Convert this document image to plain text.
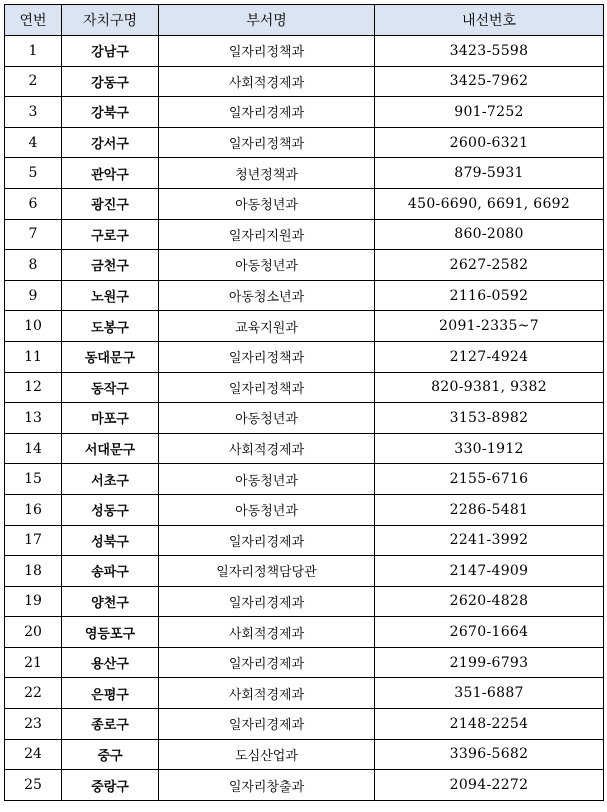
연번	자치구명	부서명	내선번호
1	강남구	일자리정책과	3423-5598
2	강동구	사회적경제과	3425-7962
3	강북구	일자리경제과	901-7252
4	강서구	일자리정책과	2600-6321
5	관악구	청년정책과	879-5931
6	광진구	아동청년과	450-6690, 6691, 6692
7	구로구	일자리지원과	860-2080
8	금천구	아동청년과	2627-2582
9	노원구	아동청소년과	2116-0592
10	도봉구	교육지원과	2091-2335~7
11	동대문구	일자리정책과	2127-4924
12	동작구	일자리정책과	820-9381, 9382
13	마포구	아동청년과	3153-8982
14	서대문구	사회적경제과	330-1912
15	서초구	아동청년과	2155-6716
16	성동구	아동청년과	2286-5481
17	성북구	일자리경제과	2241-3992
18	송파구	일자리정책담당관	2147-4909
19	양천구	일자리경제과	2620-4828
20	영등포구	사회적경제과	2670-1664
21	용산구	일자리경제과	2199-6793
22	은평구	사회적경제과	351-6887
23	종로구	일자리경제과	2148-2254
24	중구	도심산업과	3396-5682
25	중랑구	일자리창출과	2094-2272
